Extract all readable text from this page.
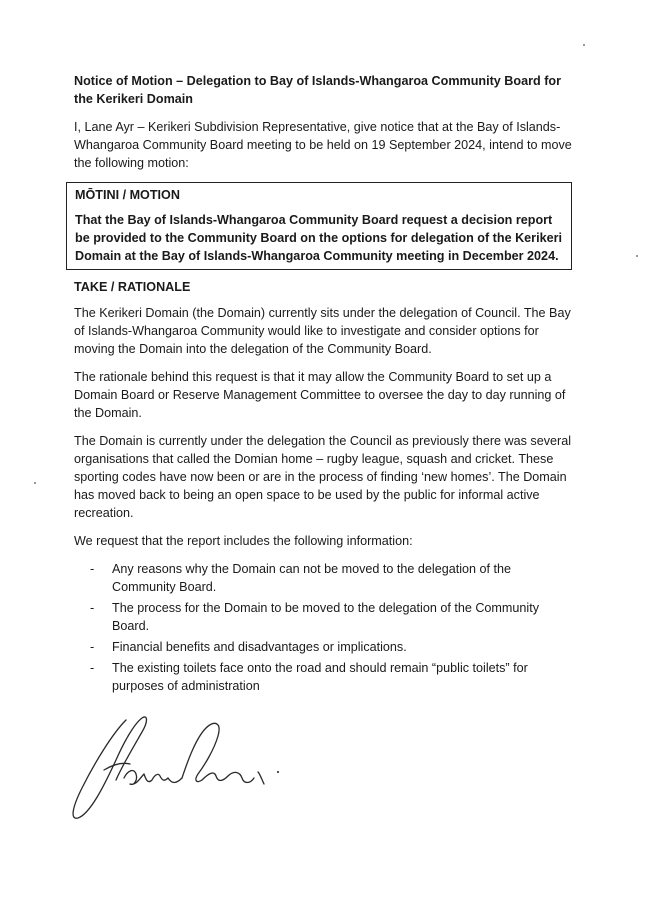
Notice of Motion – Delegation to Bay of Islands-Whangaroa Community Board for the Kerikeri Domain

I, Lane Ayr – Kerikeri Subdivision Representative, give notice that at the Bay of Islands-Whangaroa Community Board meeting to be held on 19 September 2024, intend to move the following motion:

MŌTINI / MOTION

That the Bay of Islands-Whangaroa Community Board request a decision report be provided to the Community Board on the options for delegation of the Kerikeri Domain at the Bay of Islands-Whangaroa Community meeting in December 2024.

TAKE / RATIONALE

The Kerikeri Domain (the Domain) currently sits under the delegation of Council. The Bay of Islands-Whangaroa Community would like to investigate and consider options for moving the Domain into the delegation of the Community Board.

The rationale behind this request is that it may allow the Community Board to set up a Domain Board or Reserve Management Committee to oversee the day to day running of the Domain.

The Domain is currently under the delegation the Council as previously there was several organisations that called the Domian home – rugby league, squash and cricket. These sporting codes have now been or are in the process of finding ‘new homes’. The Domain has moved back to being an open space to be used by the public for informal active recreation.

We request that the report includes the following information:

- Any reasons why the Domain can not be moved to the delegation of the Community Board.
- The process for the Domain to be moved to the delegation of the Community Board.
- Financial benefits and disadvantages or implications.
- The existing toilets face onto the road and should remain “public toilets” for purposes of administration
